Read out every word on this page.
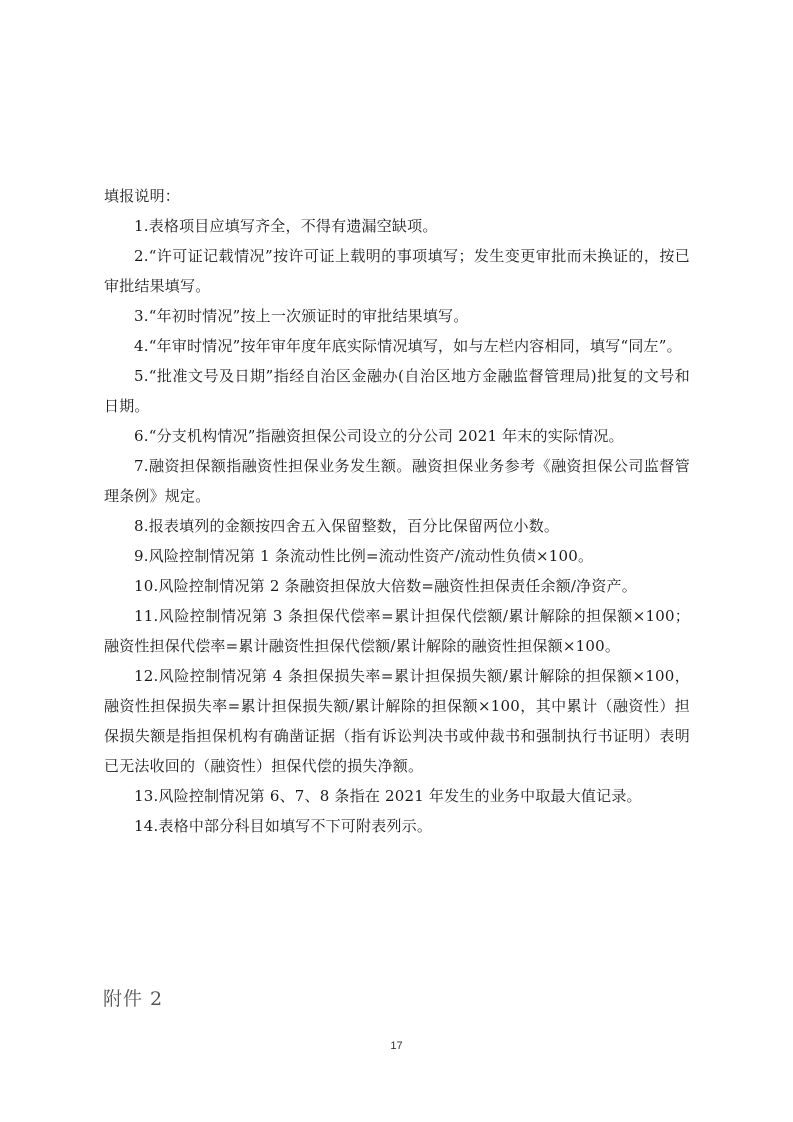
填报说明：

1.表格项目应填写齐全，不得有遗漏空缺项。

2.“许可证记载情况”按许可证上载明的事项填写；发生变更审批而未换证的，按已审批结果填写。

3.“年初时情况”按上一次颁证时的审批结果填写。

4.“年审时情况”按年审年度年底实际情况填写，如与左栏内容相同，填写“同左”。

5.“批准文号及日期”指经自治区金融办(自治区地方金融监督管理局)批复的文号和日期。

6.“分支机构情况”指融资担保公司设立的分公司 2021 年末的实际情况。

7.融资担保额指融资性担保业务发生额。融资担保业务参考《融资担保公司监督管理条例》规定。

8.报表填列的金额按四舍五入保留整数，百分比保留两位小数。

9.风险控制情况第 1 条流动性比例=流动性资产/流动性负债×100。

10.风险控制情况第 2 条融资担保放大倍数=融资性担保责任余额/净资产。

11.风险控制情况第 3 条担保代偿率=累计担保代偿额/累计解除的担保额×100；融资性担保代偿率=累计融资性担保代偿额/累计解除的融资性担保额×100。

12.风险控制情况第 4 条担保损失率=累计担保损失额/累计解除的担保额×100，融资性担保损失率=累计担保损失额/累计解除的担保额×100，其中累计（融资性）担保损失额是指担保机构有确凿证据（指有诉讼判决书或仲裁书和强制执行书证明）表明已无法收回的（融资性）担保代偿的损失净额。

13.风险控制情况第 6、7、8 条指在 2021 年发生的业务中取最大值记录。

14.表格中部分科目如填写不下可附表列示。

附件 2
17
